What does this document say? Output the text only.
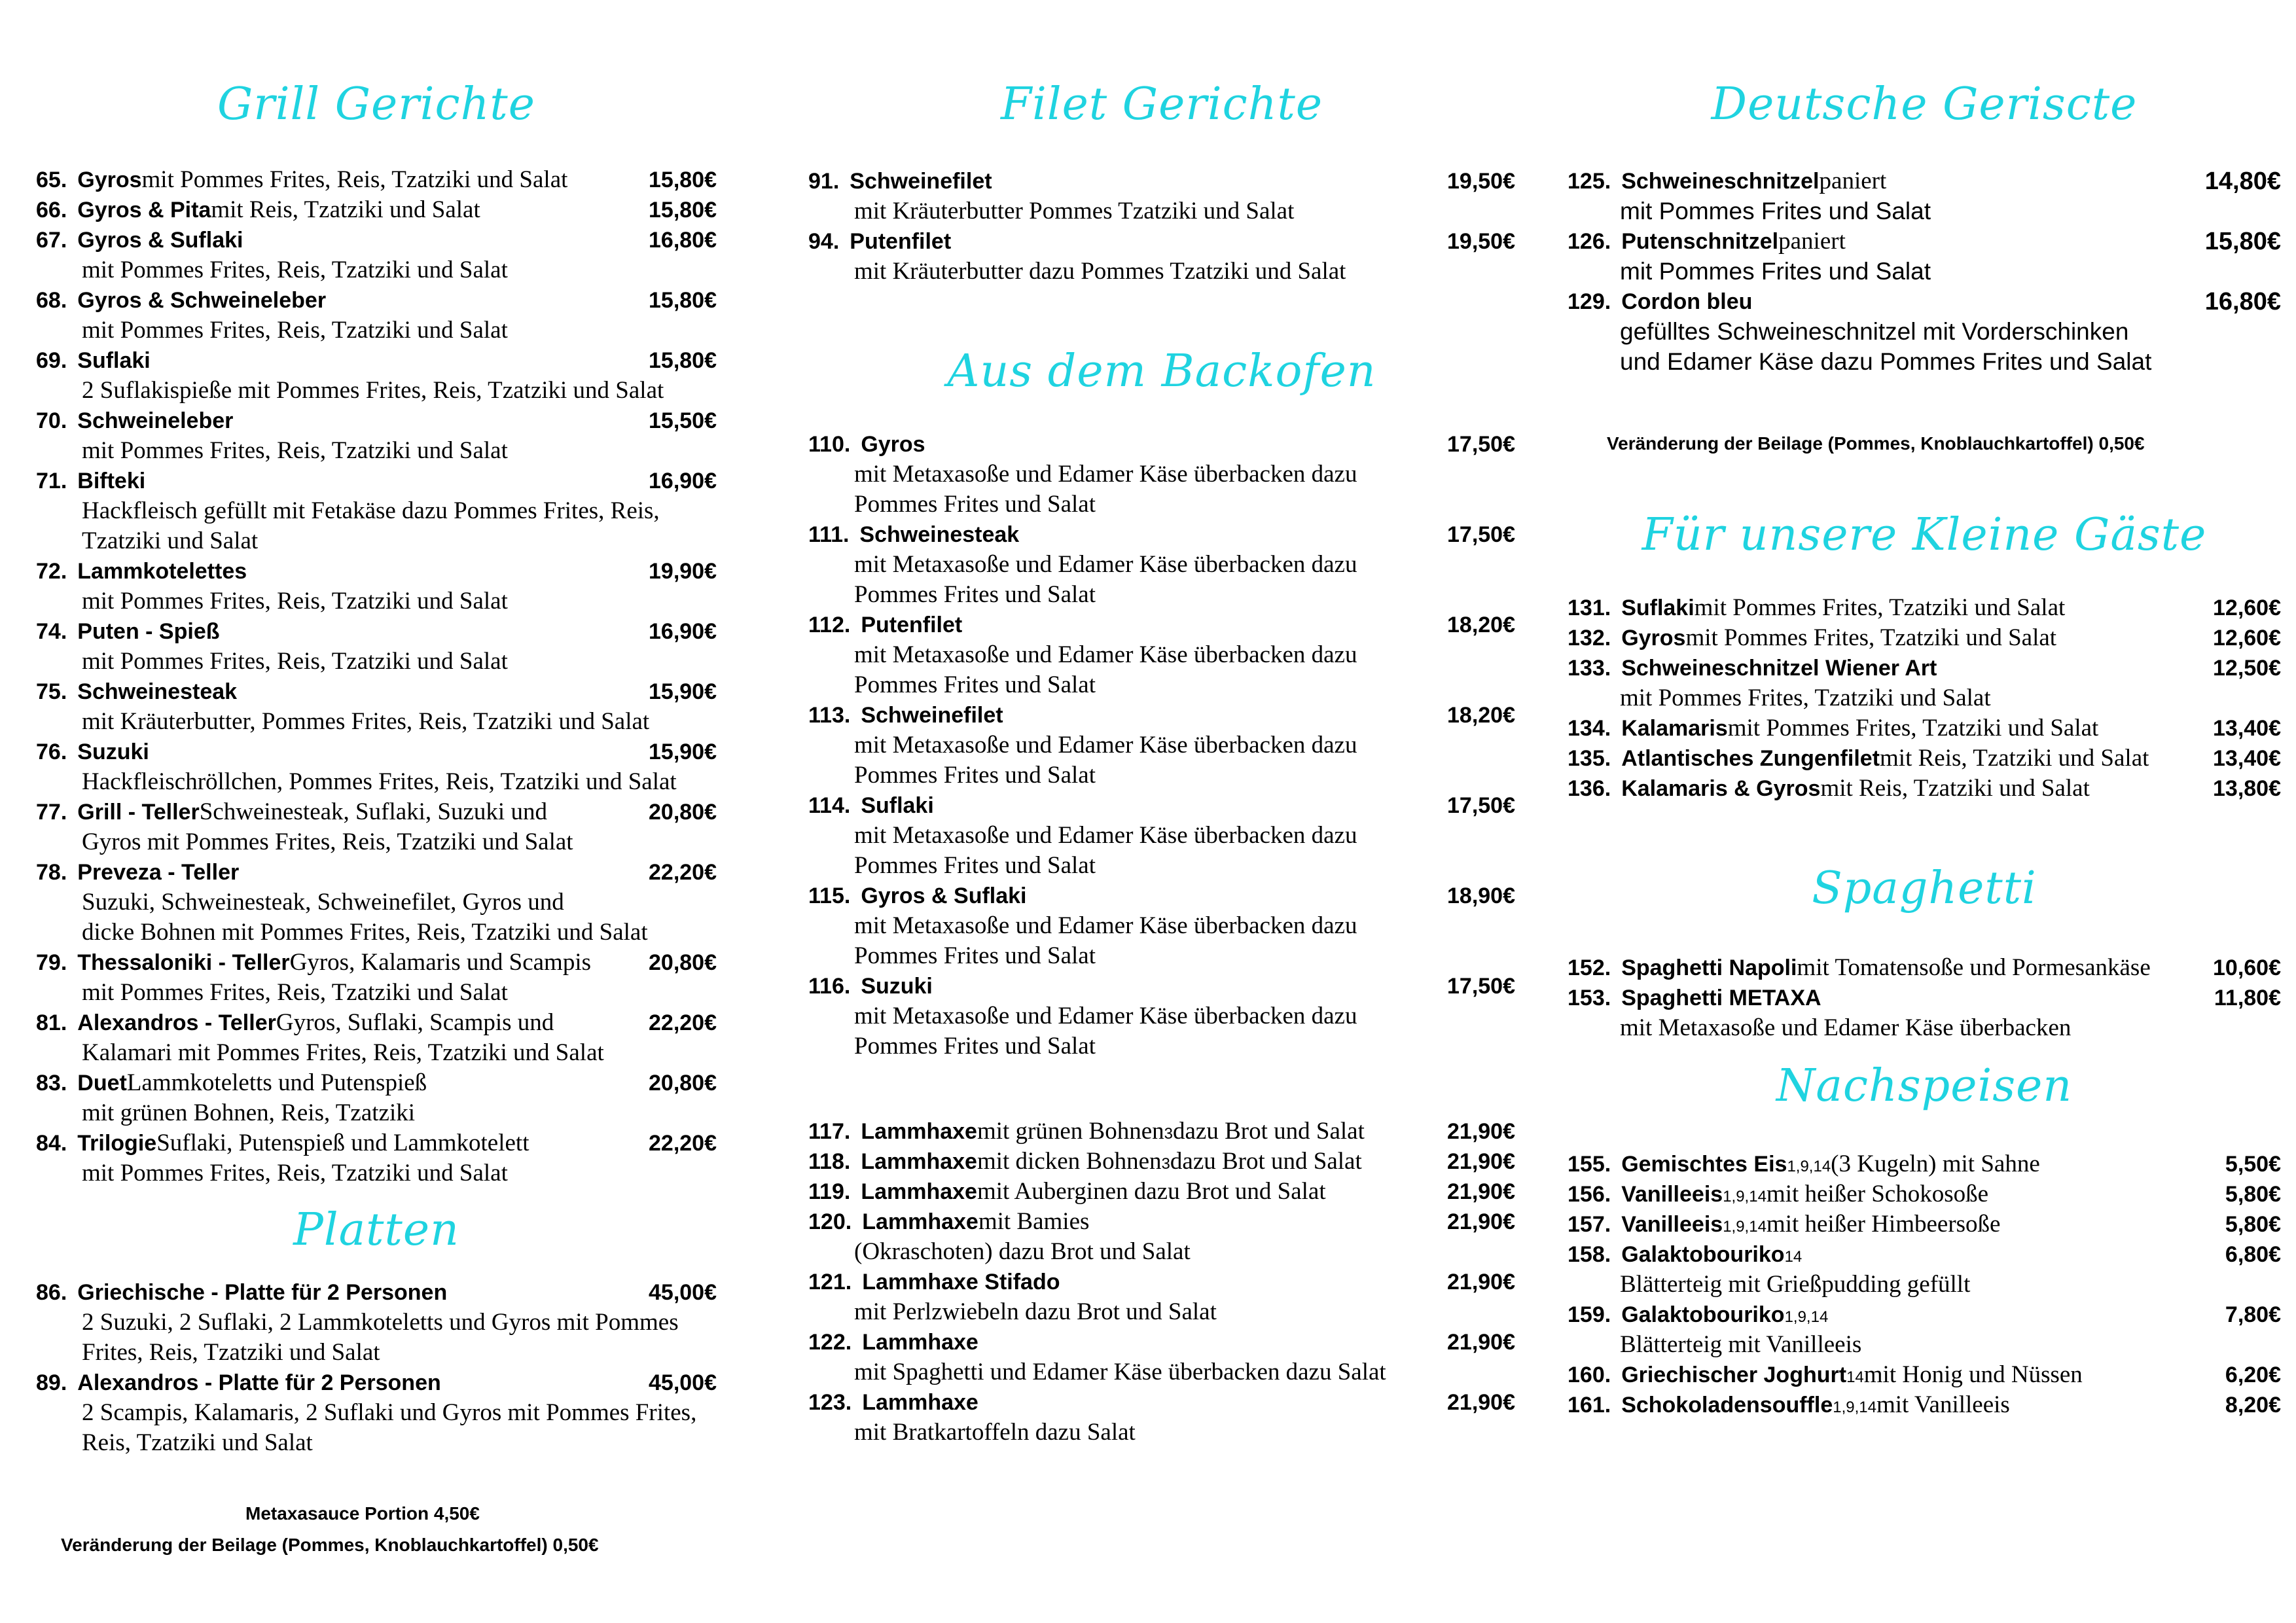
Grill Gerichte
65. Gyros mit Pommes Frites, Reis, Tzatziki und Salat	15,80€
66. Gyros & Pita mit Reis, Tzatziki und Salat	15,80€
67. Gyros & Suflaki	16,80€
mit Pommes Frites, Reis, Tzatziki und Salat
68. Gyros & Schweineleber	15,80€
mit Pommes Frites, Reis, Tzatziki und Salat
69. Suflaki	15,80€
2 Suflakispieße mit Pommes Frites, Reis, Tzatziki und Salat
70. Schweineleber	15,50€
mit Pommes Frites, Reis, Tzatziki und Salat
71. Bifteki	16,90€
Hackfleisch gefüllt mit Fetakäse dazu Pommes Frites, Reis,
Tzatziki und Salat
72. Lammkotelettes	19,90€
mit Pommes Frites, Reis, Tzatziki und Salat
74. Puten - Spieß	16,90€
mit Pommes Frites, Reis, Tzatziki und Salat
75. Schweinesteak	15,90€
mit Kräuterbutter, Pommes Frites, Reis, Tzatziki und Salat
76. Suzuki	15,90€
Hackfleischröllchen, Pommes Frites, Reis, Tzatziki und Salat
77. Grill - Teller Schweinesteak, Suflaki, Suzuki und	20,80€
Gyros mit Pommes Frites, Reis, Tzatziki und Salat
78. Preveza - Teller	22,20€
Suzuki, Schweinesteak, Schweinefilet, Gyros und
dicke Bohnen mit Pommes Frites, Reis, Tzatziki und Salat
79. Thessaloniki - Teller Gyros, Kalamaris und Scampis	20,80€
mit Pommes Frites, Reis, Tzatziki und Salat
81. Alexandros - Teller Gyros, Suflaki, Scampis und	22,20€
Kalamari mit Pommes Frites, Reis, Tzatziki und Salat
83. Duet Lammkoteletts und Putenspieß	20,80€
mit grünen Bohnen, Reis, Tzatziki
84. Trilogie Suflaki, Putenspieß und Lammkotelett	22,20€
mit Pommes Frites, Reis, Tzatziki und Salat
Platten
86. Griechische - Platte für 2 Personen	45,00€
2 Suzuki, 2 Suflaki, 2 Lammkoteletts und Gyros mit Pommes
Frites, Reis, Tzatziki und Salat
89. Alexandros - Platte für 2 Personen	45,00€
2 Scampis, Kalamaris, 2 Suflaki und Gyros mit Pommes Frites,
Reis, Tzatziki und Salat
Metaxasauce Portion 4,50€
Veränderung der Beilage (Pommes, Knoblauchkartoffel) 0,50€
Filet Gerichte
91. Schweinefilet	19,50€
mit Kräuterbutter Pommes Tzatziki und Salat
94. Putenfilet	19,50€
mit Kräuterbutter dazu Pommes Tzatziki und Salat
Aus dem Backofen
110. Gyros	17,50€
mit Metaxasoße und Edamer Käse überbacken dazu
Pommes Frites und Salat
111. Schweinesteak	17,50€
mit Metaxasoße und Edamer Käse überbacken dazu
Pommes Frites und Salat
112. Putenfilet	18,20€
mit Metaxasoße und Edamer Käse überbacken dazu
Pommes Frites und Salat
113. Schweinefilet	18,20€
mit Metaxasoße und Edamer Käse überbacken dazu
Pommes Frites und Salat
114. Suflaki	17,50€
mit Metaxasoße und Edamer Käse überbacken dazu
Pommes Frites und Salat
115. Gyros & Suflaki	18,90€
mit Metaxasoße und Edamer Käse überbacken dazu
Pommes Frites und Salat
116. Suzuki	17,50€
mit Metaxasoße und Edamer Käse überbacken dazu
Pommes Frites und Salat
117. Lammhaxe mit grünen Bohnen 3 dazu Brot und Salat	21,90€
118. Lammhaxe mit dicken Bohnen 3 dazu Brot und Salat	21,90€
119. Lammhaxe mit Auberginen dazu Brot und Salat	21,90€
120. Lammhaxe mit Bamies	21,90€
(Okraschoten) dazu Brot und Salat
121. Lammhaxe Stifado	21,90€
mit Perlzwiebeln dazu Brot und Salat
122. Lammhaxe	21,90€
mit Spaghetti und Edamer Käse überbacken dazu Salat
123. Lammhaxe	21,90€
mit Bratkartoffeln dazu Salat
Deutsche Geriscte
125. Schweineschnitzel paniert	14,80€
mit Pommes Frites und Salat
126. Putenschnitzel paniert	15,80€
mit Pommes Frites und Salat
129. Cordon bleu	16,80€
gefülltes Schweineschnitzel mit Vorderschinken
und Edamer Käse dazu Pommes Frites und Salat
Veränderung der Beilage (Pommes, Knoblauchkartoffel) 0,50€
Für unsere Kleine Gäste
131. Suflaki mit Pommes Frites, Tzatziki und Salat	12,60€
132. Gyros mit Pommes Frites, Tzatziki und Salat	12,60€
133. Schweineschnitzel Wiener Art	12,50€
mit Pommes Frites, Tzatziki und Salat
134. Kalamaris mit Pommes Frites, Tzatziki und Salat	13,40€
135. Atlantisches Zungenfilet mit Reis, Tzatziki und Salat	13,40€
136. Kalamaris & Gyros mit Reis, Tzatziki und Salat	13,80€
Spaghetti
152. Spaghetti Napoli mit Tomatensoße und Pormesankäse	10,60€
153. Spaghetti METAXA	11,80€
mit Metaxasoße und Edamer Käse überbacken
Nachspeisen
155. Gemischtes Eis 1,9,14 (3 Kugeln) mit Sahne	5,50€
156. Vanilleeis 1,9,14 mit heißer Schokosoße	5,80€
157. Vanilleeis 1,9,14 mit heißer Himbeersoße	5,80€
158. Galaktobouriko 14	6,80€
Blätterteig mit Grießpudding gefüllt
159. Galaktobouriko 1,9,14	7,80€
Blätterteig mit Vanilleeis
160. Griechischer Joghurt 14 mit Honig und Nüssen	6,20€
161. Schokoladensouffle 1,9,14 mit Vanilleeis	8,20€
